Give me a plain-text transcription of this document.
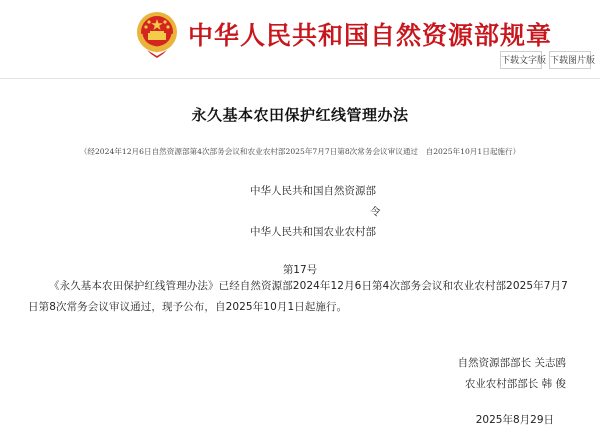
中华人民共和国自然资源部规章
下载文字版 下载图片版
永久基本农田保护红线管理办法
（经2024年12月6日自然资源部第4次部务会议和农业农村部2025年7月7日第8次常务会议审议通过　自2025年10月1日起施行）
中华人民共和国自然资源部
令
中华人民共和国农业农村部
第17号
《永久基本农田保护红线管理办法》已经自然资源部2024年12月6日第4次部务会议和农业农村部2025年7月7日第8次常务会议审议通过，现予公布，自2025年10月1日起施行。
自然资源部部长 关志鸥
农业农村部部长 韩 俊
2025年8月29日
